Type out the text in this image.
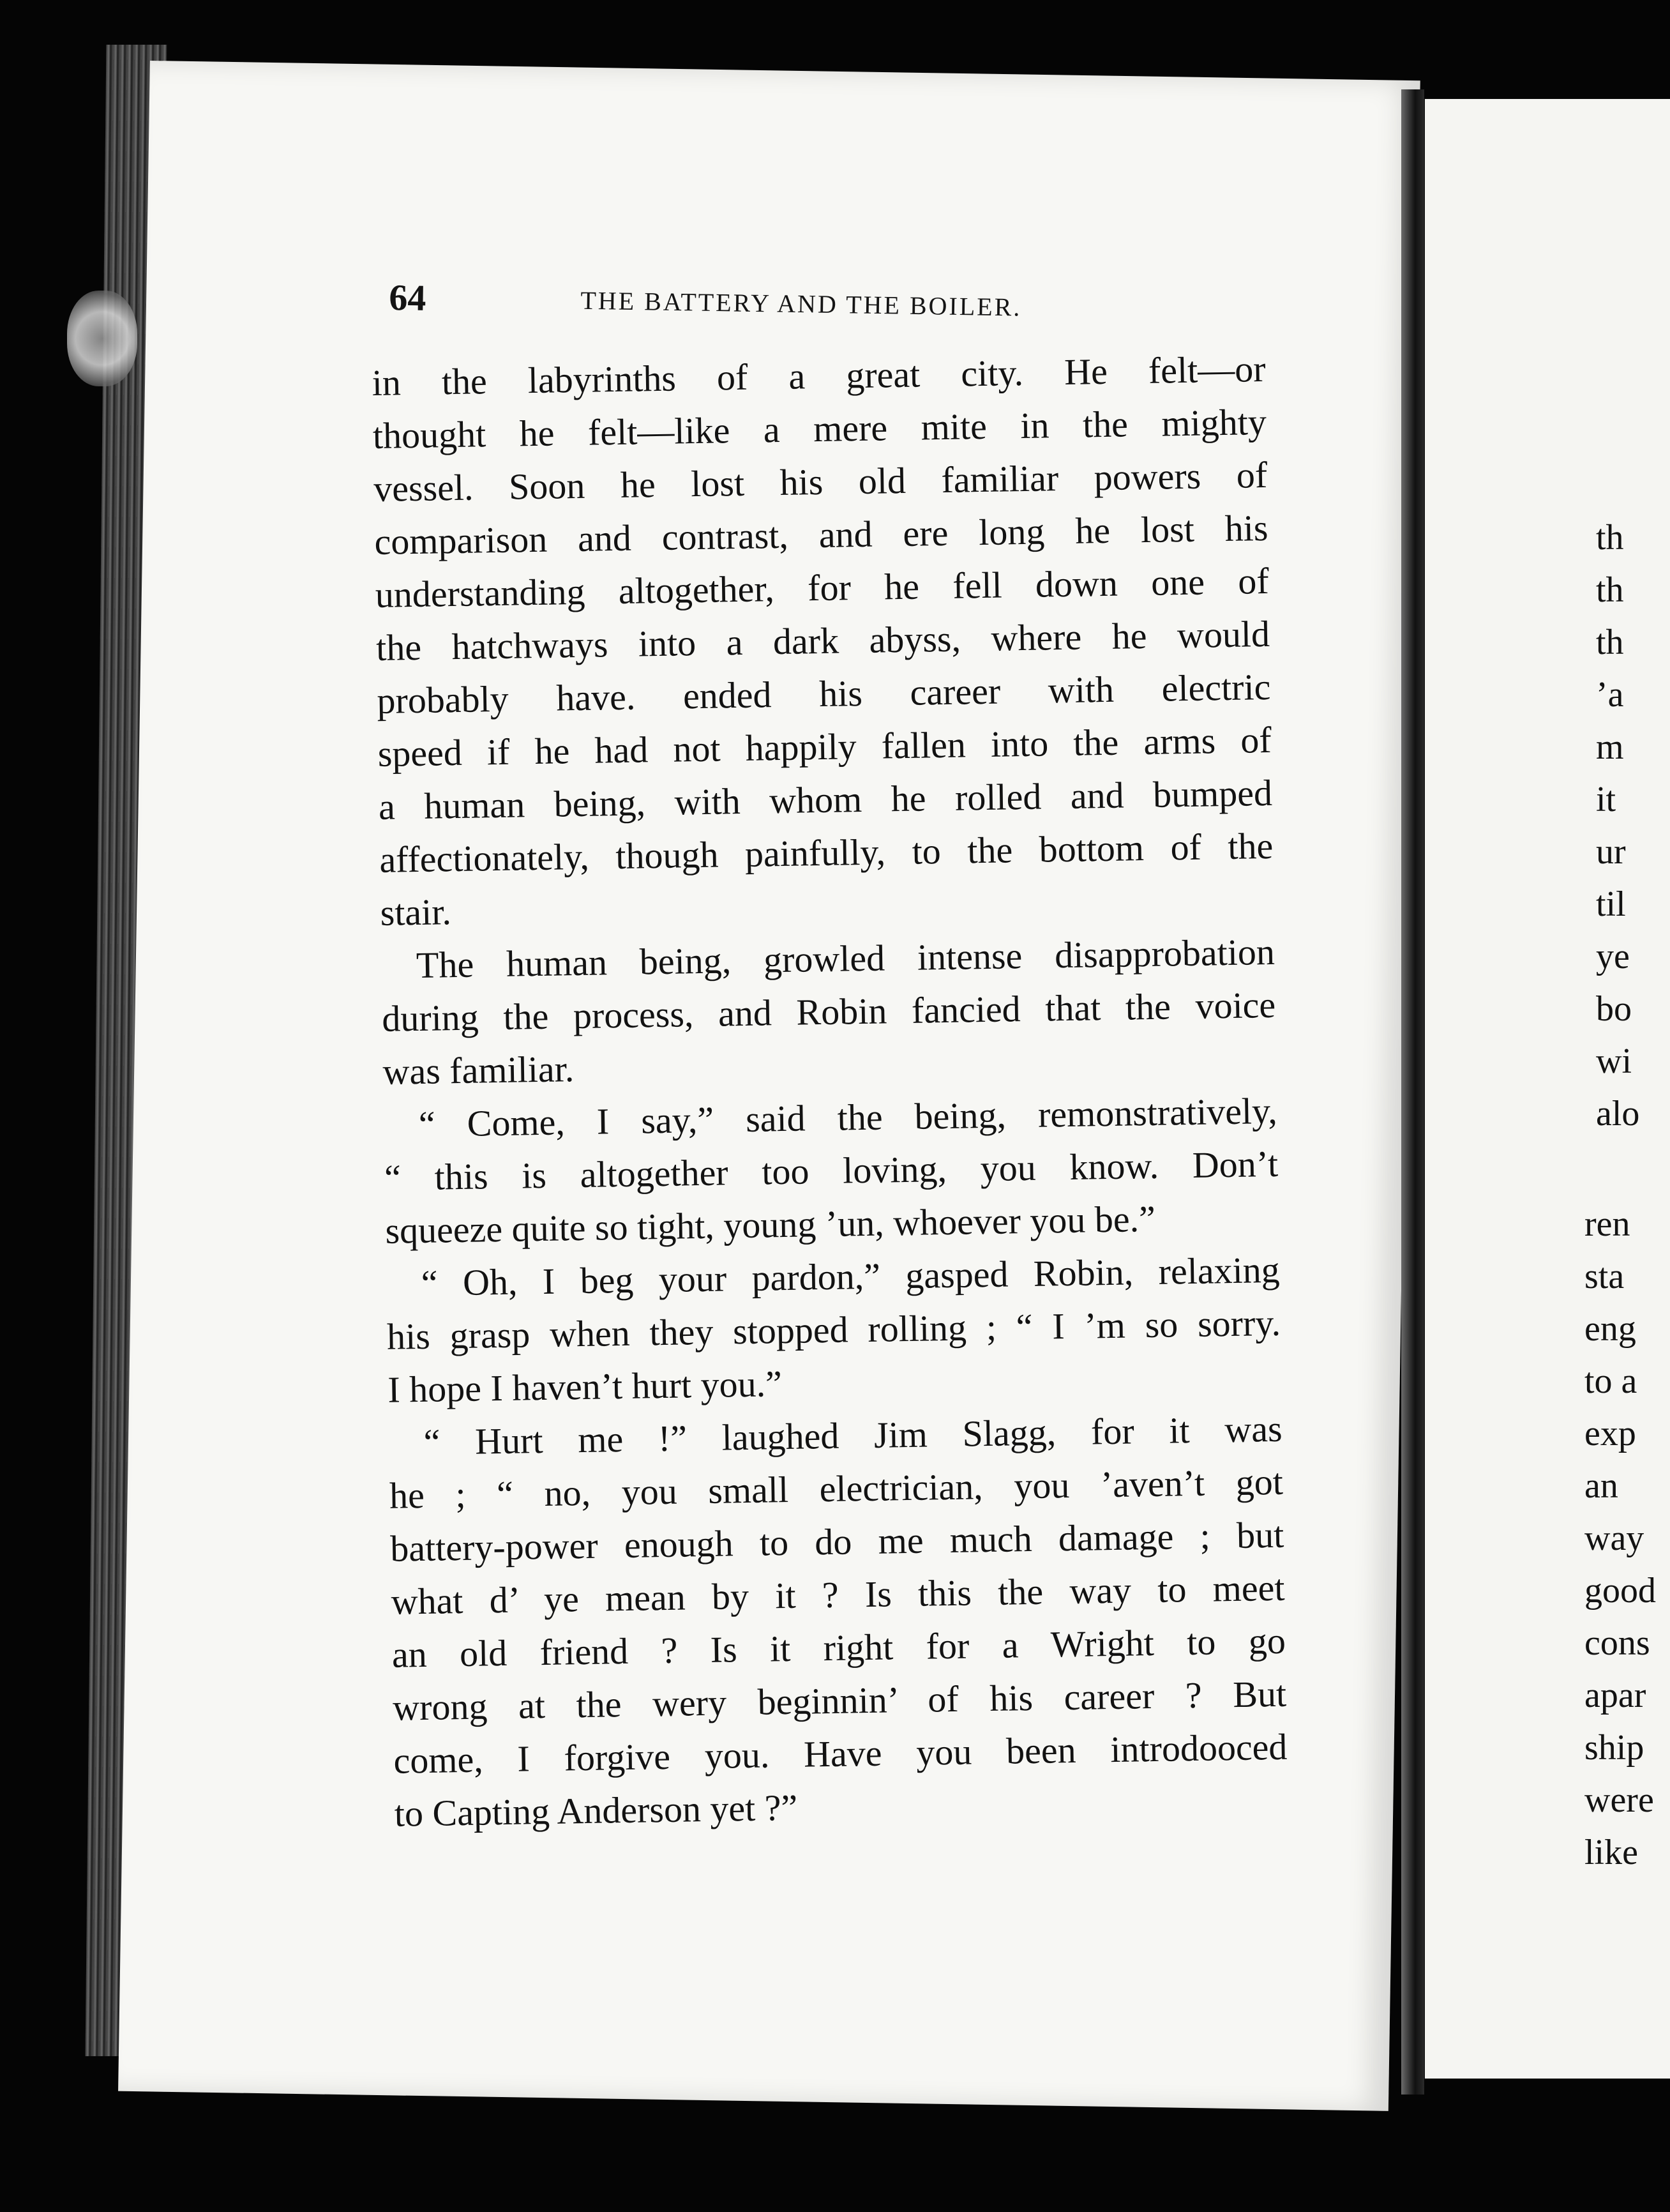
64	THE BATTERY AND THE BOILER.
in the labyrinths of a great city. He felt—or
thought he felt—like a mere mite in the mighty
vessel. Soon he lost his old familiar powers of
comparison and contrast, and ere long he lost his
understanding altogether, for he fell down one of
the hatchways into a dark abyss, where he would
probably have. ended his career with electric
speed if he had not happily fallen into the arms of
a human being, with whom he rolled and bumped
affectionately, though painfully, to the bottom of the
stair.
The human being, growled intense disapprobation
during the process, and Robin fancied that the voice
was familiar.
“ Come, I say,” said the being, remonstratively,
“ this is altogether too loving, you know. Don’t
squeeze quite so tight, young ’un, whoever you be.”
“ Oh, I beg your pardon,” gasped Robin, relaxing
his grasp when they stopped rolling ; “ I ’m so sorry.
I hope I haven’t hurt you.”
“ Hurt me !” laughed Jim Slagg, for it was
he ; “ no, you small electrician, you ’aven’t got
battery-power enough to do me much damage ; but
what d’ ye mean by it ? Is this the way to meet
an old friend ? Is it right for a Wright to go
wrong at the wery beginnin’ of his career ? But
come, I forgive you. Have you been introdooced
to Capting Anderson yet ?”
th
th
th
’a
m
it
ur
til
ye
bo
wi
alo
ren
sta
eng
to a
exp
an
way
good
cons
apar
ship
were
like
